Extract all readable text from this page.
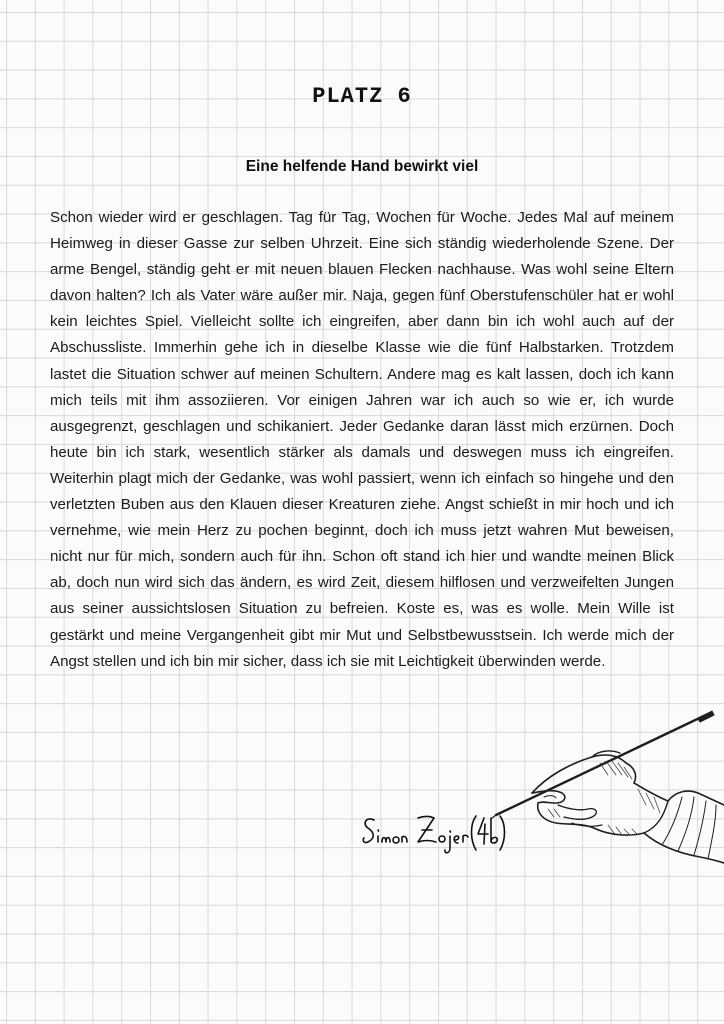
PLATZ 6
Eine helfende Hand bewirkt viel

Schon wieder wird er geschlagen. Tag für Tag, Wochen für Woche. Jedes Mal auf meinem Heimweg in dieser Gasse zur selben Uhrzeit. Eine sich ständig wiederholende Szene. Der arme Bengel, ständig geht er mit neuen blauen Flecken nachhause. Was wohl seine Eltern davon halten? Ich als Vater wäre außer mir. Naja, gegen fünf Oberstufenschüler hat er wohl kein leichtes Spiel. Vielleicht sollte ich eingreifen, aber dann bin ich wohl auch auf der Abschussliste. Immerhin gehe ich in dieselbe Klasse wie die fünf Halbstarken. Trotzdem lastet die Situation schwer auf meinen Schultern. Andere mag es kalt lassen, doch ich kann mich teils mit ihm assoziieren. Vor einigen Jahren war ich auch so wie er, ich wurde ausgegrenzt, geschlagen und schikaniert. Jeder Gedanke daran lässt mich erzürnen. Doch heute bin ich stark, wesentlich stärker als damals und deswegen muss ich eingreifen. Weiterhin plagt mich der Gedanke, was wohl passiert, wenn ich einfach so hingehe und den verletzten Buben aus den Klauen dieser Kreaturen ziehe. Angst schießt in mir hoch und ich vernehme, wie mein Herz zu pochen beginnt, doch ich muss jetzt wahren Mut beweisen, nicht nur für mich, sondern auch für ihn. Schon oft stand ich hier und wandte meinen Blick ab, doch nun wird sich das ändern, es wird Zeit, diesem hilflosen und verzweifelten Jungen aus seiner aussichtslosen Situation zu befreien. Koste es, was es wolle. Mein Wille ist gestärkt und meine Vergangenheit gibt mir Mut und Selbstbewusstsein. Ich werde mich der Angst stellen und ich bin mir sicher, dass ich sie mit Leichtigkeit überwinden werde.
